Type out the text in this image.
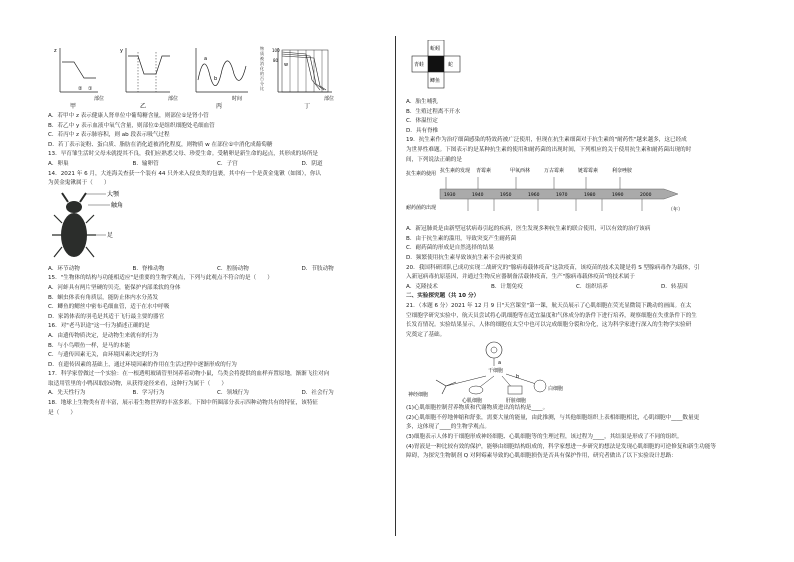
z
①
②
部位
甲
y
部位
乙
a
b
时间
丙
物质被消化的百分比
100
80
w
部位
丁
A．若甲中 z 表示健康人肾单位中葡萄糖含量，则部位①是肾小管
B．若乙中 y 表示血液中氧气含量，则部位②是组织细胞处毛细血管
C．若丙中 z 表示肺容积，则 ab 段表示吸气过程
D．若丁表示淀粉、蛋白质、脂肪在消化道被消化程度，则物质 w 在部位①中消化成葡萄糖
13．早育雏生活时父母未就提其不良，我们应熟悉父母、珍爱生命。受精卵是新生命的起点，其形成的场所是
A．卵巢	B．输卵管	C．子宫	D．阴道
14．2021 年 6 月，大连海关查获一个装有 44 只外来入侵虫类的包裹，其中有一个是黄金鬼锹（如图），你认
为黄金鬼锹属于（　　）
大颚
触角
足
A．环节动物	B．脊椎动物	C．腔肠动物	D．节肢动物
15．"生物体的结构与功能相适应"是重要的生物学观点，下列与此观点不符合的是（　　）
A．河蚌具有两片坚硬的贝壳，能保护内部柔软的身体
B．蛔虫体表有角质层，能防止体内水分蒸发
C．鲫鱼的鳃丝中密布毛细血管，适于在水中呼吸
D．家鸽体表的羽毛是其适于飞行最主要的器官
16．对"老马识途"这一行为描述正确的是
A．由遗传物质决定，是动物生来就有的行为
B．与小鸟喂鱼一样，是马的本能
C．与遗传因素无关，由环境因素决定的行为
D．在遗传因素的基础上，通过环境因素的作用在生活过程中逐渐形成的行为
17．科学家曾做过一个实验：在一根透明玻璃管里饲养着动物小鼠，鸟类会将提供的血样弃置原地，渐渐飞往对向
取适用管里的小鸭因取胶动物，从获得途径来看，这种行为属于（　　）
A．先天性行为	B．学习行为	C．领域行为	D．社会行为
18．地球上生物类有青丰富，展示着生物世界的丰富多彩。下图中所圈部分表示四种动物共有的特征，该特征
是（　　）
蚯蚓
青蛙	蛇
鲫鱼
A．胎生哺乳
B．生殖过程离不开水
C．体温恒定
D．具有脊椎
19．抗生素作为治疗细菌感染的特效药被广泛使用，但现在抗生素细菌对于抗生素的"耐药性"越来越多，这已经成
为世界性难题。下图表示的是某种抗生素的使用和耐药菌的出现时间，下列相应的关于使用抗生素和耐药菌出现的时
间，下列说法正确的是
抗生素的使用 抗生素的发现 青霉素	甲氧西林	万古霉素	链霉霉素	利奈唑胺
1930	1940	1950	1960	1970	1980	1990	2000
耐药菌的出现	（年）
A．新冠肺炎是由新型冠状病毒引起的疾病，医生发现多种抗生素的联合使用，可以有效的治疗该病
B．由于抗生素的滥用，导致突变产生耐药菌
C．耐药菌的形成是自然选择的结果
D．频繁使用抗生素导致该抗生素不会再被变质
20．我国科研团队已成功实现二战研究的"腺病毒载体疫苗"这款疫苗，该疫苗的技术关键是将 S 型腺病毒作为载体，引
入新冠病毒抗原基因，并通过生物反应器制备活载体疫苗，生产"腺病毒载体疫苗"的技术属于
A．克隆技术	B．计划免疫	C．组织培养	D．转基因
二、实验探究题（共 10 分）
21．（本题 6 分）2021 年 12 月 9 日"天宫课堂"第一课，航天员展示了心肌细胞在荧光显微镜下跳动的画面。在太
空细胞学研究实验中，航天员尝试将心肌细胞等在适宜温度和气体成分的条件下进行培养，观察细胞在失重条件下的生
长发育情况。实验结果显示，人体的细胞在太空中也可以完成细胞分裂和分化，这为科学家进行深入的生物学实验研
究奠定了基础。
干细胞
a
b
神经细胞
心肌细胞	肝脏细胞
白细胞
(1)心肌细胞控制营养物质和代谢物质进出的结构是____。
(2)心肌细胞不停地伸缩和舒张，需要大量的能量，由此推测，与其他细胞组织上表相细胞相比，心肌细胞中____数量更
多，这体现了____的生物学观点。
(3)细胞表示人体的干细胞形成神经细胞、心肌细胞等的生理过程，该过程为____，其结果是形成了不同的组织。
(4)胃液是一种比较有效的保护，能够由细胞结构组成的，科学家想进一步研究的想法是发现心肌细胞的可逆修复和新生功能等
障碍，为探究生物制剂 Q 对阿霉素导致的心肌细胞损伤是否具有保护作用，研究者做出了以下实验设计思路：
